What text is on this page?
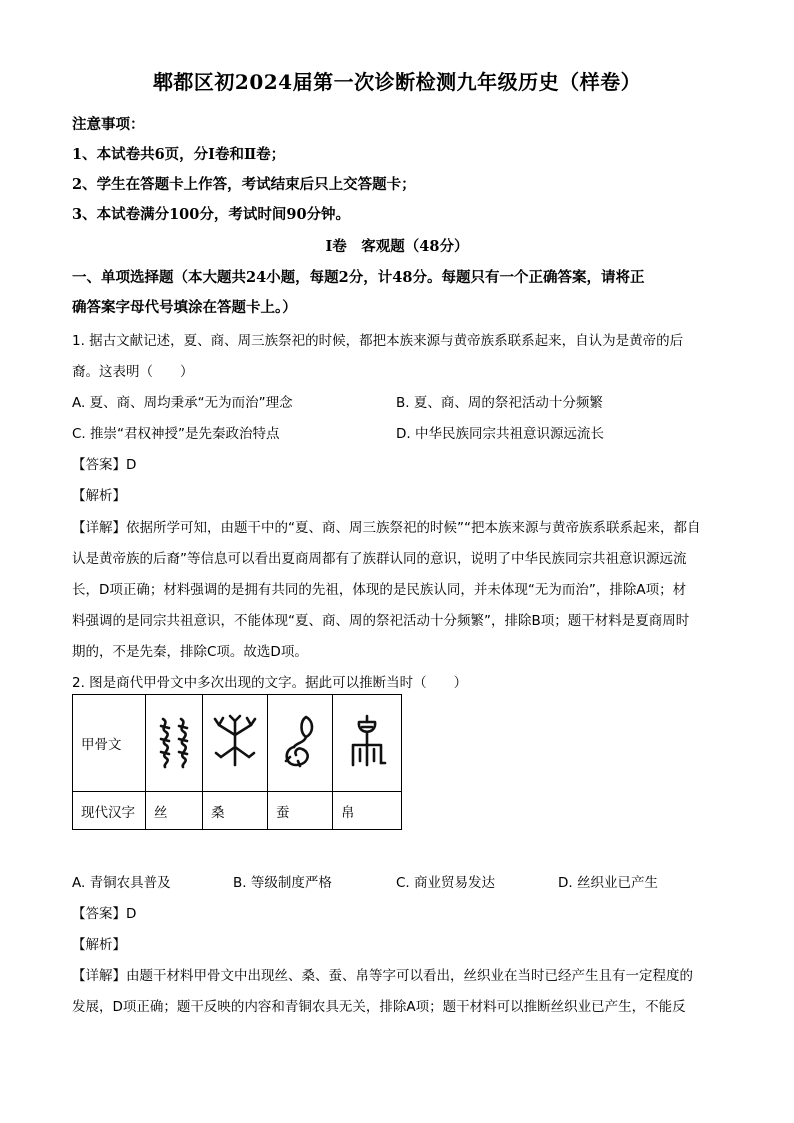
郫都区初2024届第一次诊断检测九年级历史（样卷）
注意事项：
1、本试卷共6页，分Ⅰ卷和Ⅱ卷；
2、学生在答题卡上作答，考试结束后只上交答题卡；
3、本试卷满分100分，考试时间90分钟。
Ⅰ卷　客观题（48分）
一、单项选择题（本大题共24小题，每题2分，计48分。每题只有一个正确答案，请将正
确答案字母代号填涂在答题卡上。）
1. 据古文献记述，夏、商、周三族祭祀的时候，都把本族来源与黄帝族系联系起来，自认为是黄帝的后
裔。这表明（　　）
A. 夏、商、周均秉承“无为而治”理念	B. 夏、商、周的祭祀活动十分频繁
C. 推崇“君权神授”是先秦政治特点	D. 中华民族同宗共祖意识源远流长
【答案】D
【解析】
【详解】依据所学可知，由题干中的“夏、商、周三族祭祀的时候”“把本族来源与黄帝族系联系起来，都自
认是黄帝族的后裔”等信息可以看出夏商周都有了族群认同的意识，说明了中华民族同宗共祖意识源远流
长，D项正确；材料强调的是拥有共同的先祖，体现的是民族认同，并未体现“无为而治”，排除A项；材
料强调的是同宗共祖意识，不能体现“夏、商、周的祭祀活动十分频繁”，排除B项；题干材料是夏商周时
期的，不是先秦，排除C项。故选D项。
2. 图是商代甲骨文中多次出现的文字。据此可以推断当时（　　）
甲骨文				
现代汉字	丝	桑	蚕	帛
A. 青铜农具普及	B. 等级制度严格	C. 商业贸易发达	D. 丝织业已产生
【答案】D
【解析】
【详解】由题干材料甲骨文中出现丝、桑、蚕、帛等字可以看出，丝织业在当时已经产生且有一定程度的
发展，D项正确；题干反映的内容和青铜农具无关，排除A项；题干材料可以推断丝织业已产生，不能反
